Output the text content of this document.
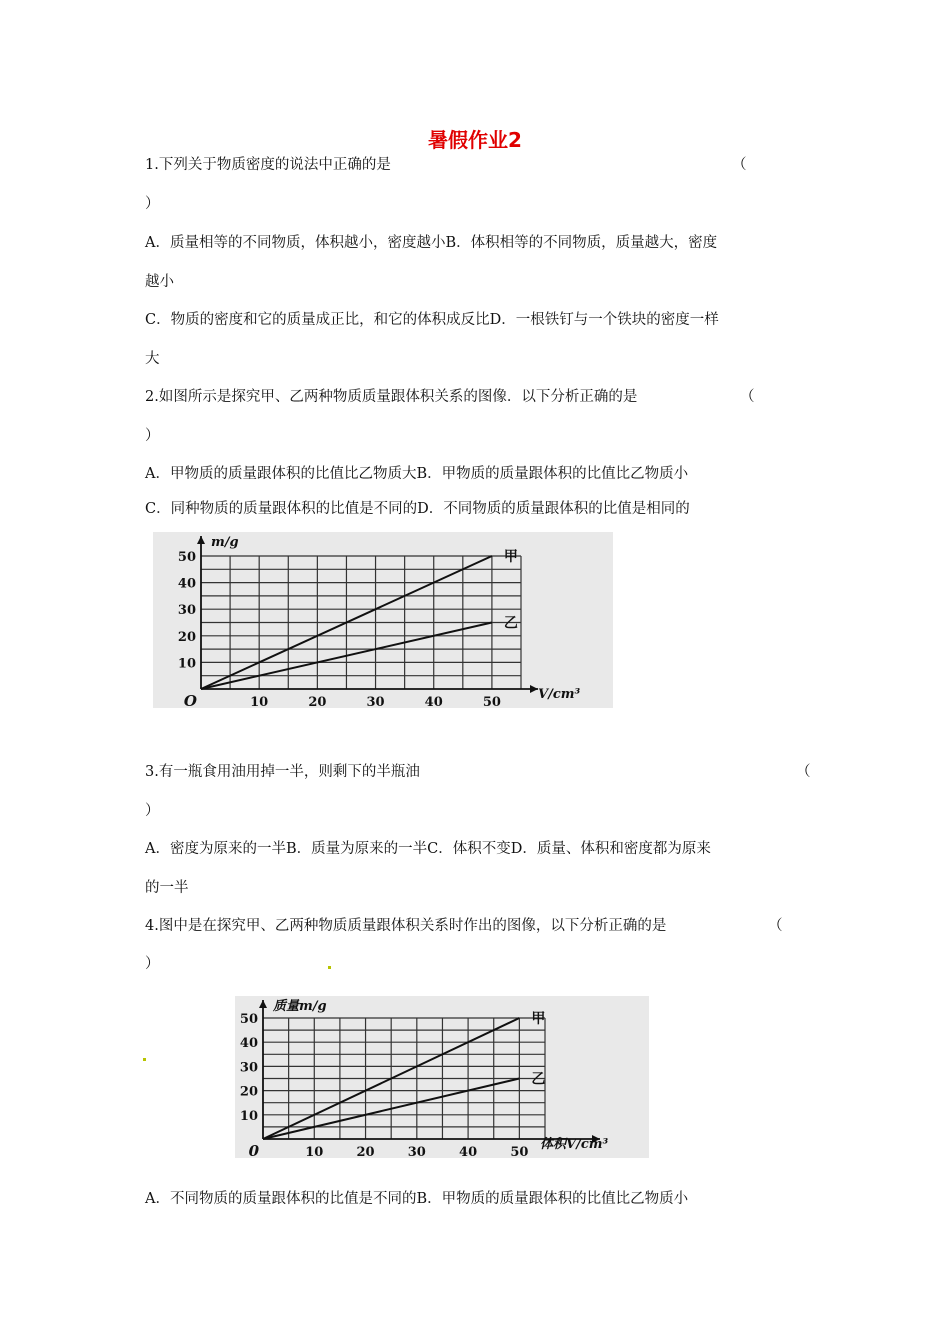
暑假作业2
1.下列关于物质密度的说法中正确的是	（
）
A．质量相等的不同物质，体积越小，密度越小B．体积相等的不同物质，质量越大，密度
越小
C．物质的密度和它的质量成正比，和它的体积成反比D．一根铁钉与一个铁块的密度一样
大
2.如图所示是探究甲、乙两种物质质量跟体积关系的图像．以下分析正确的是	（
）
A．甲物质的质量跟体积的比值比乙物质大B．甲物质的质量跟体积的比值比乙物质小
C．同种物质的质量跟体积的比值是不同的D．不同物质的质量跟体积的比值是相同的
10
20
30
40
50
10	20	30	40	50
O
m/g
V/cm³
甲
乙
3.有一瓶食用油用掉一半，则剩下的半瓶油	（
）
A．密度为原来的一半B．质量为原来的一半C．体积不变D．质量、体积和密度都为原来
的一半
4.图中是在探究甲、乙两种物质质量跟体积关系时作出的图像，以下分析正确的是	（
）
10
20
30
40
50
10	20	30	40	50
0
质量m/g
体积V/cm³
甲
乙
A．不同物质的质量跟体积的比值是不同的B．甲物质的质量跟体积的比值比乙物质小
